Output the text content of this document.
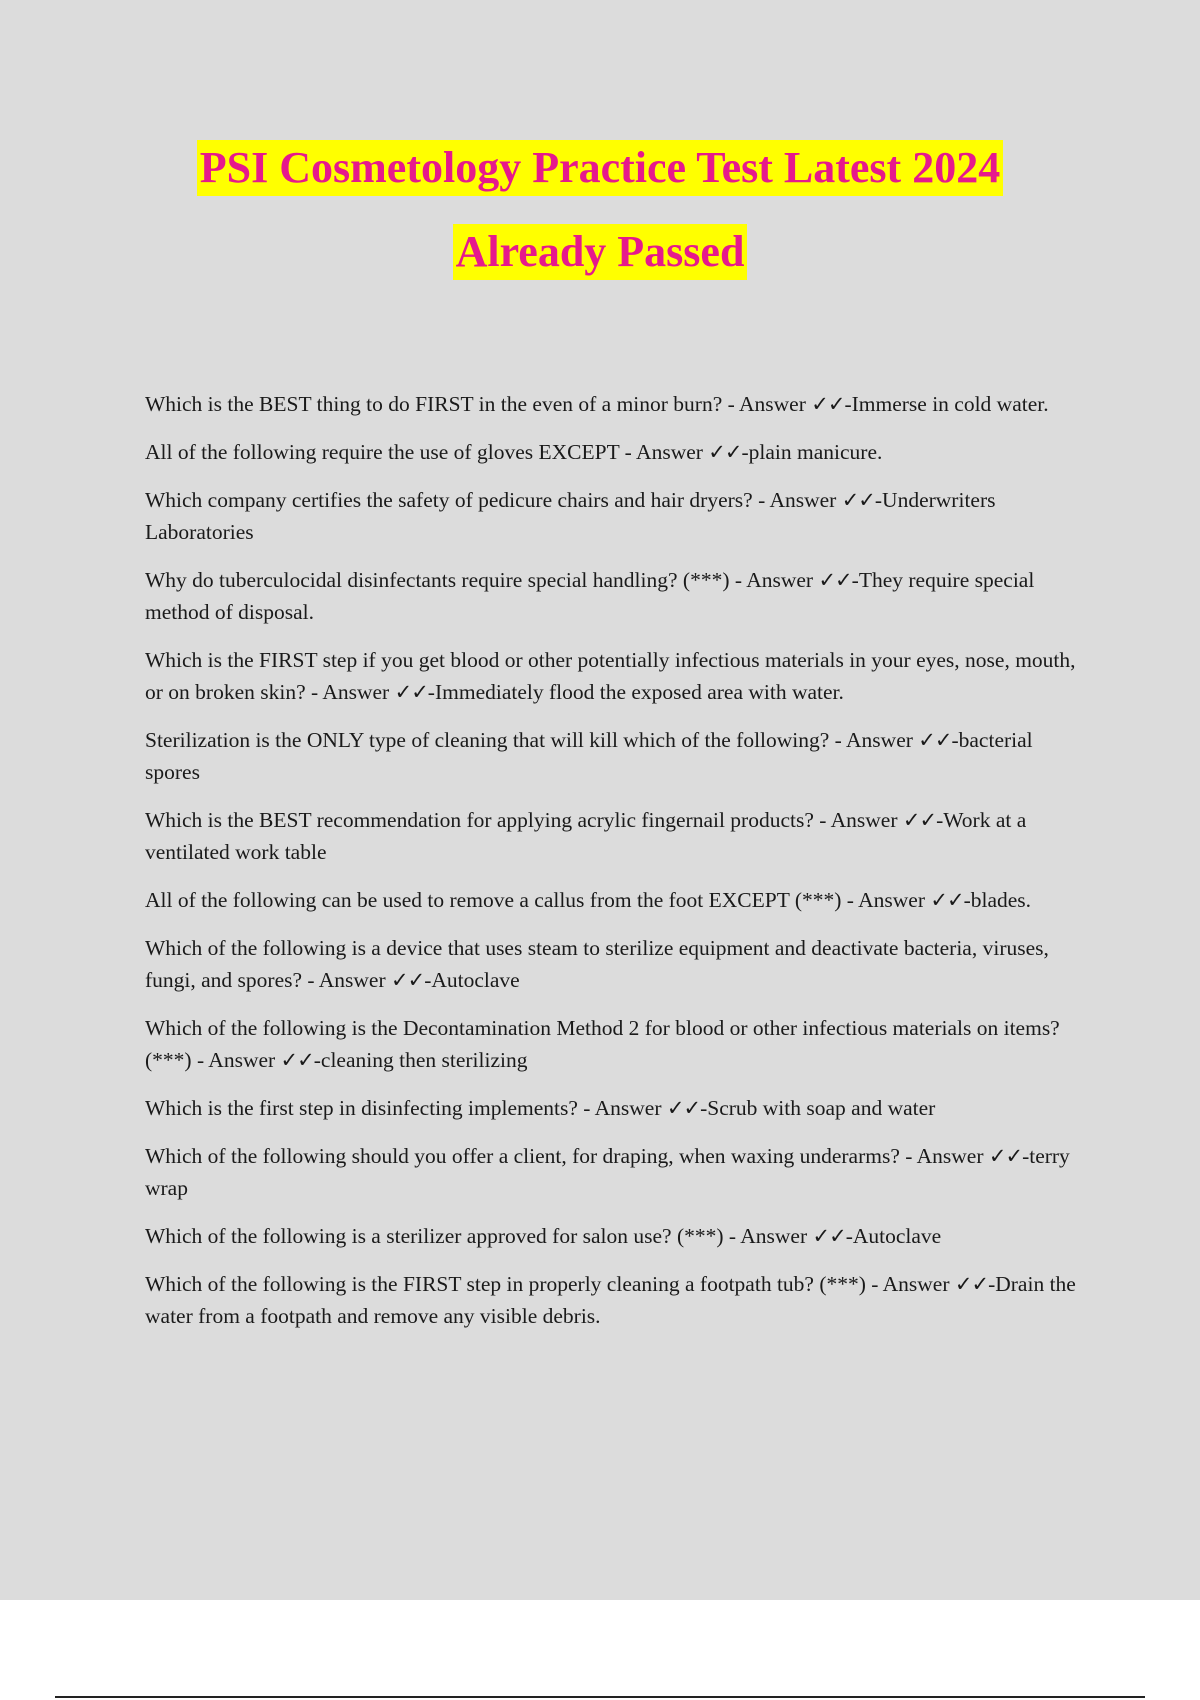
PSI Cosmetology Practice Test Latest 2024
Already Passed

Which is the BEST thing to do FIRST in the even of a minor burn? - Answer ✓✓-Immerse in cold water.

All of the following require the use of gloves EXCEPT - Answer ✓✓-plain manicure.

Which company certifies the safety of pedicure chairs and hair dryers? - Answer ✓✓-Underwriters Laboratories

Why do tuberculocidal disinfectants require special handling? (***) - Answer ✓✓-They require special method of disposal.

Which is the FIRST step if you get blood or other potentially infectious materials in your eyes, nose, mouth, or on broken skin? - Answer ✓✓-Immediately flood the exposed area with water.

Sterilization is the ONLY type of cleaning that will kill which of the following? - Answer ✓✓-bacterial spores

Which is the BEST recommendation for applying acrylic fingernail products? - Answer ✓✓-Work at a ventilated work table

All of the following can be used to remove a callus from the foot EXCEPT (***) - Answer ✓✓-blades.

Which of the following is a device that uses steam to sterilize equipment and deactivate bacteria, viruses, fungi, and spores? - Answer ✓✓-Autoclave

Which of the following is the Decontamination Method 2 for blood or other infectious materials on items? (***) - Answer ✓✓-cleaning then sterilizing

Which is the first step in disinfecting implements? - Answer ✓✓-Scrub with soap and water

Which of the following should you offer a client, for draping, when waxing underarms? - Answer ✓✓-terry wrap

Which of the following is a sterilizer approved for salon use? (***) - Answer ✓✓-Autoclave

Which of the following is the FIRST step in properly cleaning a footpath tub? (***) - Answer ✓✓-Drain the water from a footpath and remove any visible debris.
